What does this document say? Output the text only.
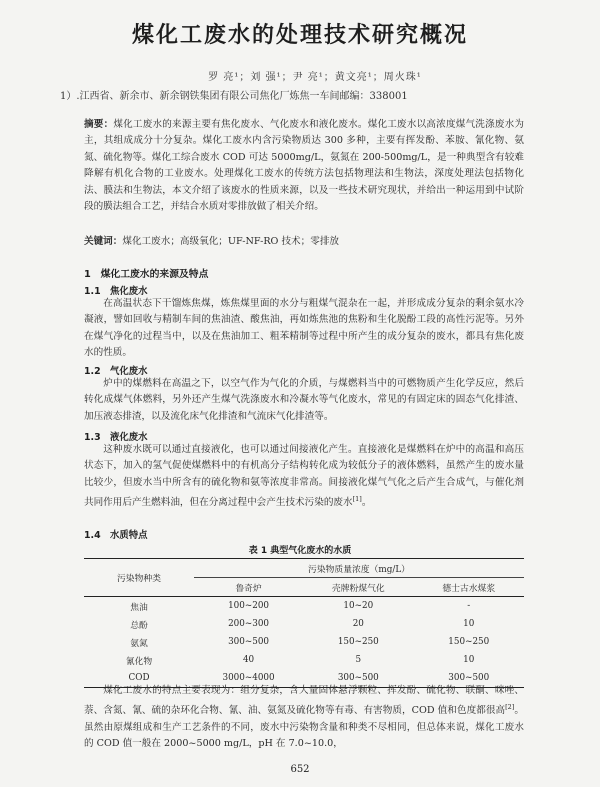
煤化工废水的处理技术研究概况
罗 亮¹；刘 强¹；尹 亮¹；黄文亮¹；周火珠¹
1）.江西省、新余市、新余钢铁集团有限公司焦化厂炼焦一车间邮编：338001
摘要：煤化工废水的来源主要有焦化废水、气化废水和液化废水。煤化工废水以高浓度煤气洗涤废水为主，其组成成分十分复杂。煤化工废水内含污染物质达 300 多种，主要有挥发酚、苯胺、氰化物、氨氮、硫化物等。煤化工综合废水 COD 可达 5000mg/L，氨氮在 200-500mg/L，是一种典型含有较难降解有机化合物的工业废水。处理煤化工废水的传统方法包括物理法和生物法，深度处理法包括物化法、膜法和生物法，本文介绍了该废水的性质来源，以及一些技术研究现状，并给出一种运用到中试阶段的膜法组合工艺，并结合水质对零排放做了相关介绍。
关键词：煤化工废水；高级氧化；UF-NF-RO 技术；零排放
1　煤化工废水的来源及特点
1.1　焦化废水
在高温状态下干馏炼焦煤，炼焦煤里面的水分与粗煤气混杂在一起，并形成成分复杂的剩余氨水冷凝液，譬如回收与精制车间的焦油渣、酸焦油，再如炼焦池的焦粉和生化脱酚工段的高性污泥等。另外在煤气净化的过程当中，以及在焦油加工、粗苯精制等过程中所产生的成分复杂的废水，都具有焦化废水的性质。
1.2　气化废水
炉中的煤燃料在高温之下，以空气作为气化的介质，与煤燃料当中的可燃物质产生化学反应，然后转化成煤气体燃料，另外还产生煤气洗涤废水和冷凝水等气化废水，常见的有固定床的固态气化排渣、加压液态排渣，以及流化床气化排渣和气流床气化排渣等。
1.3　液化废水
这种废水既可以通过直接液化，也可以通过间接液化产生。直接液化是煤燃料在炉中的高温和高压状态下，加入的氢气促使煤燃料中的有机高分子结构转化成为较低分子的液体燃料，虽然产生的废水量比较少，但废水当中所含有的硫化物和氨等浓度非常高。间接液化煤气气化之后产生合成气，与催化剂共同作用后产生燃料油，但在分离过程中会产生技术污染的废水[1]。
1.4　水质特点
表 1 典型气化废水的水质
污染物种类	污染物质量浓度（mg/L）		
	鲁奇炉	壳牌粉煤气化	德士古水煤浆
焦油	100~200	10~20	-
总酚	200~300	20	10
氨氮	300~500	150~250	150~250
氰化物	40	5	10
COD	3000~4000	300~500	300~500
煤化工废水的特点主要表现为：组分复杂，含大量固体悬浮颗粒、挥发酚、硫化物、联酮、咪唑、萘、含氮、氰、硫的杂环化合物、氰、油、氨氮及硫化物等有毒、有害物质，COD 值和色度都很高[2]。虽然由原煤组成和生产工艺条件的不同，废水中污染物含量和种类不尽相同，但总体来说，煤化工废水的 COD 值一般在 2000~5000 mg/L，pH 在 7.0~10.0，
652
